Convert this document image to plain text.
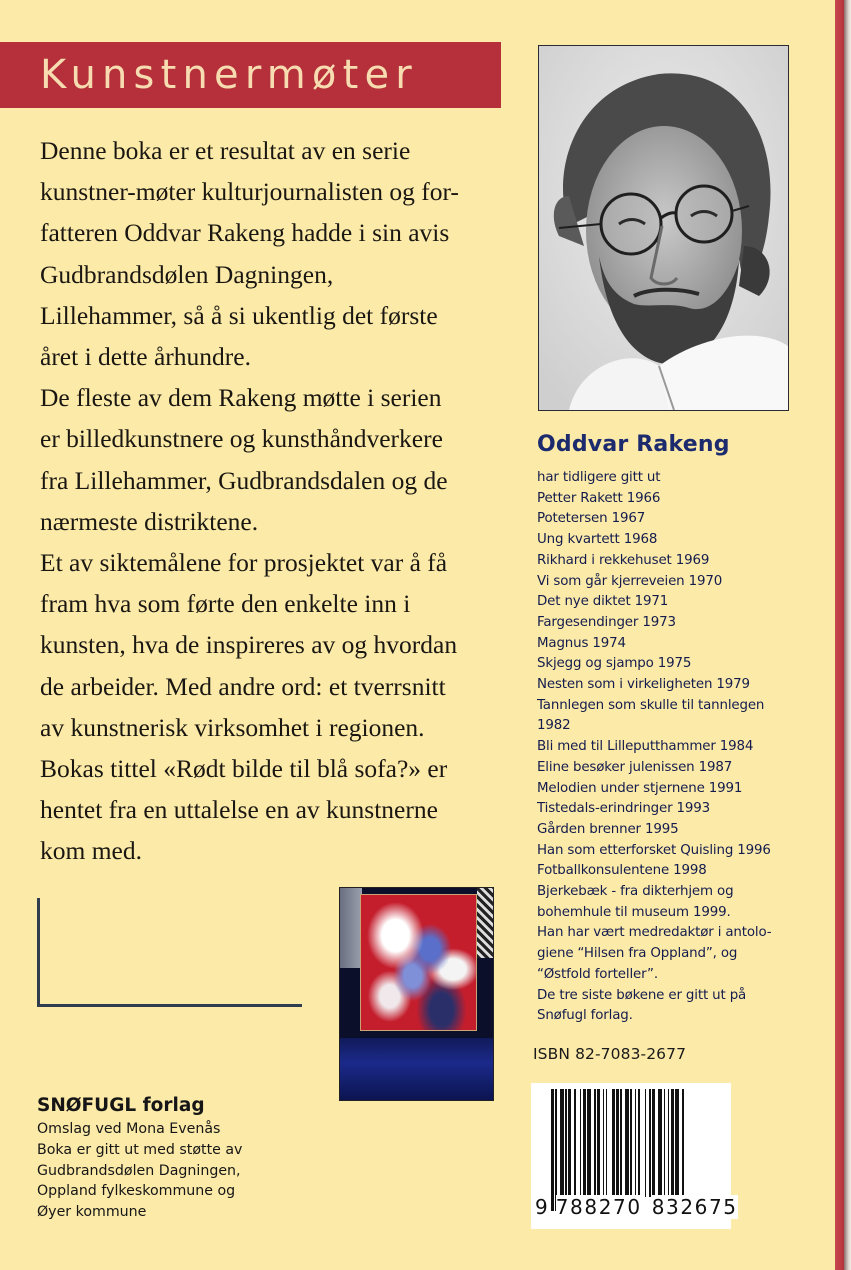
Kunstnermøter
Denne boka er et resultat av en serie
kunstner-møter kulturjournalisten og for-
fatteren Oddvar Rakeng hadde i sin avis
Gudbrandsdølen Dagningen,
Lillehammer, så å si ukentlig det første
året i dette århundre.
De fleste av dem Rakeng møtte i serien
er billedkunstnere og kunsthåndverkere
fra Lillehammer, Gudbrandsdalen og de
nærmeste distriktene.
Et av siktemålene for prosjektet var å få
fram hva som førte den enkelte inn i
kunsten, hva de inspireres av og hvordan
de arbeider. Med andre ord: et tverrsnitt
av kunstnerisk virksomhet i regionen.
Bokas tittel «Rødt bilde til blå sofa?» er
hentet fra en uttalelse en av kunstnerne
kom med.
Oddvar Rakeng
har tidligere gitt ut
Petter Rakett 1966
Potetersen 1967
Ung kvartett 1968
Rikhard i rekkehuset 1969
Vi som går kjerreveien 1970
Det nye diktet 1971
Fargesendinger 1973
Magnus 1974
Skjegg og sjampo 1975
Nesten som i virkeligheten 1979
Tannlegen som skulle til tannlegen
1982
Bli med til Lilleputthammer 1984
Eline besøker julenissen 1987
Melodien under stjernene 1991
Tistedals-erindringer 1993
Gården brenner 1995
Han som etterforsket Quisling 1996
Fotballkonsulentene 1998
Bjerkebæk - fra dikterhjem og
bohemhule til museum 1999.
Han har vært medredaktør i antolo-
giene “Hilsen fra Oppland”, og
“Østfold forteller”.
De tre siste bøkene er gitt ut på
Snøfugl forlag.
ISBN 82-7083-2677
9 788270 832675
SNØFUGL forlag
Omslag ved Mona Evenås
Boka er gitt ut med støtte av
Gudbrandsdølen Dagningen,
Oppland fylkeskommune og
Øyer kommune
